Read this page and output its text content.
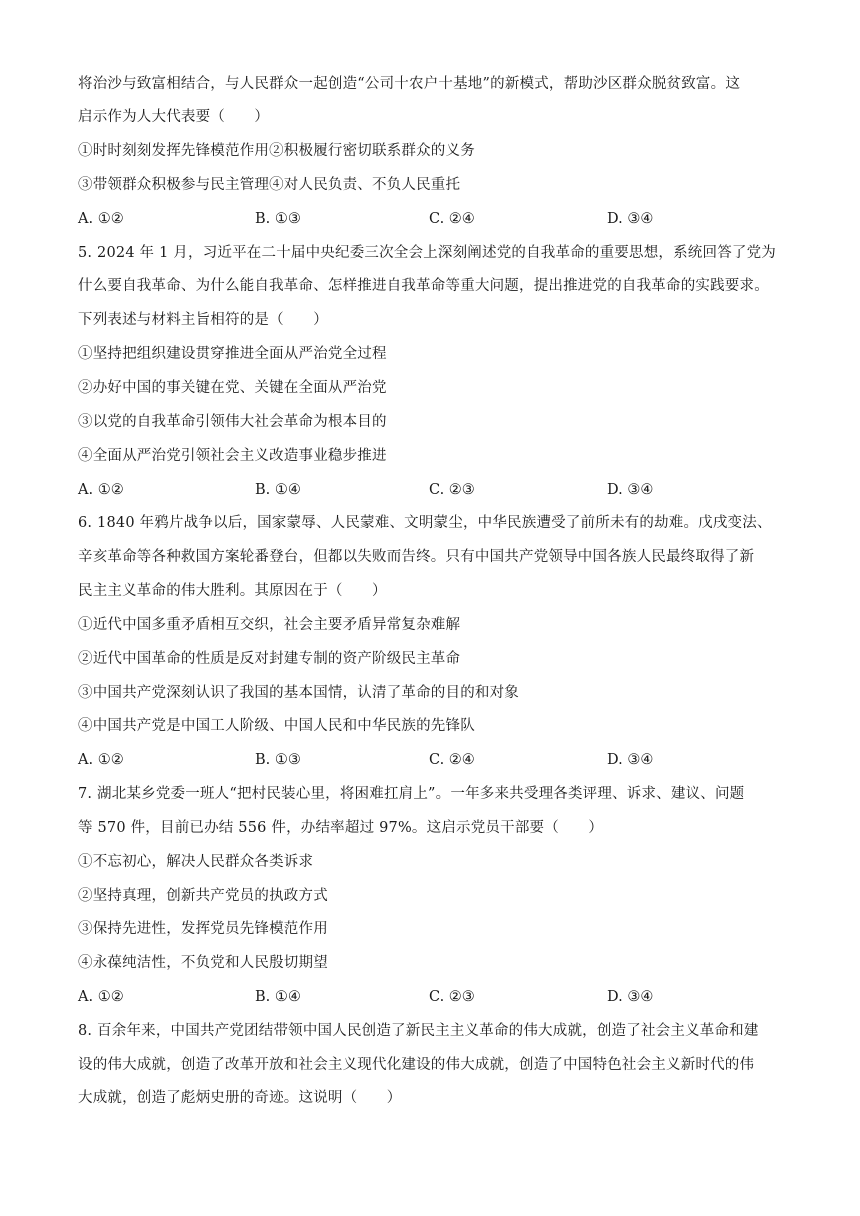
将治沙与致富相结合，与人民群众一起创造“公司十农户十基地”的新模式，帮助沙区群众脱贫致富。这
启示作为人大代表要（　　）
①时时刻刻发挥先锋模范作用②积极履行密切联系群众的义务
③带领群众积极参与民主管理④对人民负责、不负人民重托
A. ①②	B. ①③	C. ②④	D. ③④
5. 2024 年 1 月，习近平在二十届中央纪委三次全会上深刻阐述党的自我革命的重要思想，系统回答了党为
什么要自我革命、为什么能自我革命、怎样推进自我革命等重大问题，提出推进党的自我革命的实践要求。
下列表述与材料主旨相符的是（　　）
①坚持把组织建设贯穿推进全面从严治党全过程
②办好中国的事关键在党、关键在全面从严治党
③以党的自我革命引领伟大社会革命为根本目的
④全面从严治党引领社会主义改造事业稳步推进
A. ①②	B. ①④	C. ②③	D. ③④
6. 1840 年鸦片战争以后，国家蒙辱、人民蒙难、文明蒙尘，中华民族遭受了前所未有的劫难。戊戌变法、
辛亥革命等各种救国方案轮番登台，但都以失败而告终。只有中国共产党领导中国各族人民最终取得了新
民主主义革命的伟大胜利。其原因在于（　　）
①近代中国多重矛盾相互交织，社会主要矛盾异常复杂难解
②近代中国革命的性质是反对封建专制的资产阶级民主革命
③中国共产党深刻认识了我国的基本国情，认清了革命的目的和对象
④中国共产党是中国工人阶级、中国人民和中华民族的先锋队
A. ①②	B. ①③	C. ②④	D. ③④
7. 湖北某乡党委一班人“把村民装心里，将困难扛肩上”。一年多来共受理各类评理、诉求、建议、问题
等 570 件，目前已办结 556 件，办结率超过 97%。这启示党员干部要（　　）
①不忘初心，解决人民群众各类诉求
②坚持真理，创新共产党员的执政方式
③保持先进性，发挥党员先锋模范作用
④永葆纯洁性，不负党和人民殷切期望
A. ①②	B. ①④	C. ②③	D. ③④
8. 百余年来，中国共产党团结带领中国人民创造了新民主主义革命的伟大成就，创造了社会主义革命和建
设的伟大成就，创造了改革开放和社会主义现代化建设的伟大成就，创造了中国特色社会主义新时代的伟
大成就，创造了彪炳史册的奇迹。这说明（　　）
